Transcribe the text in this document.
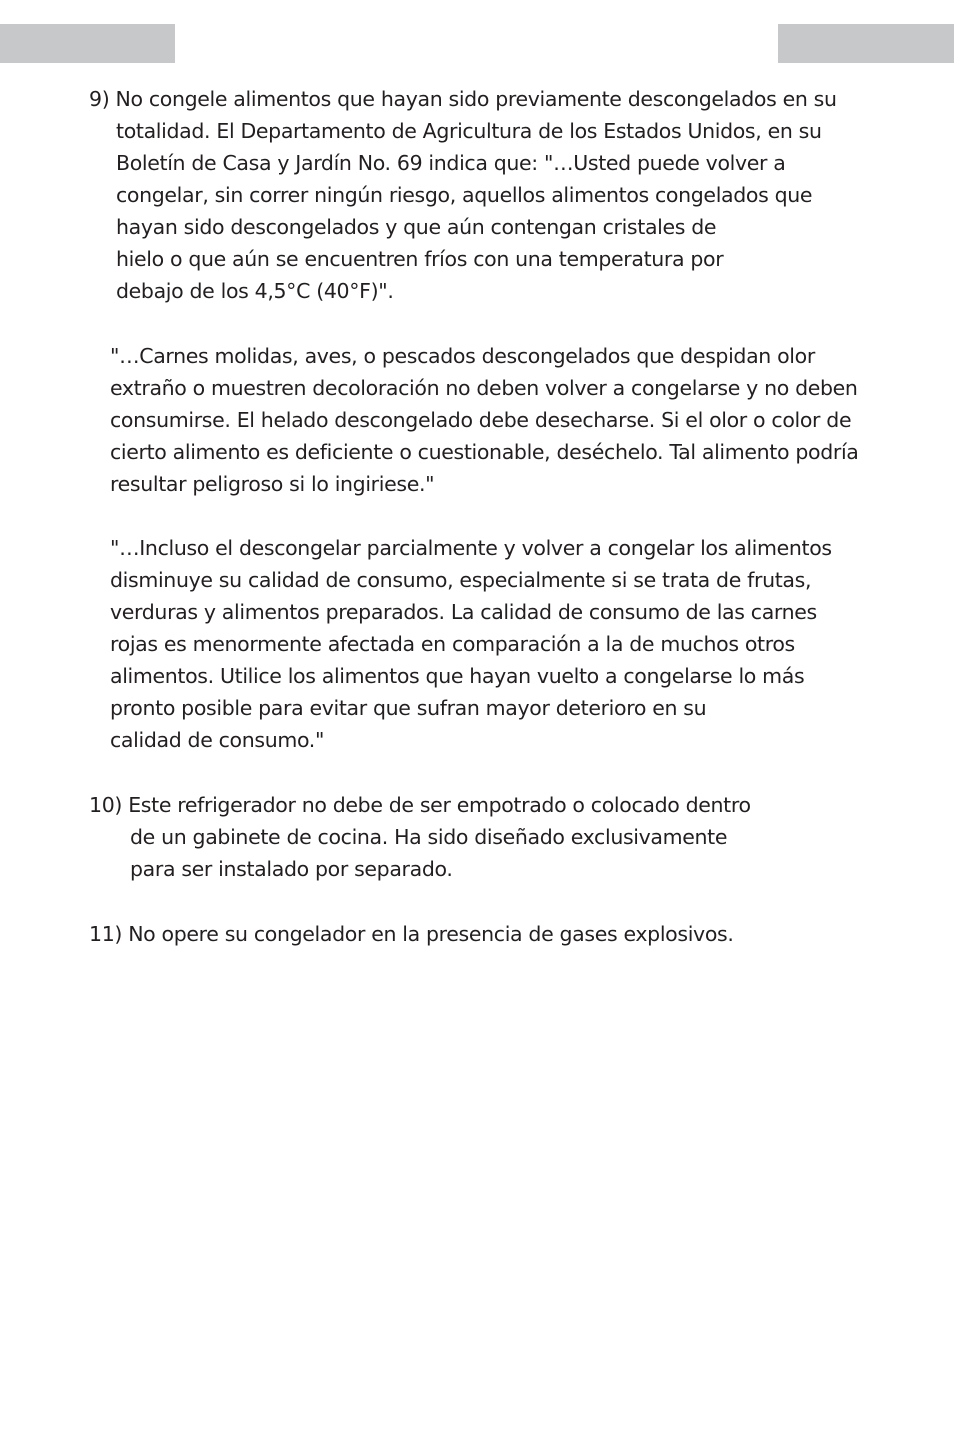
9) No congele alimentos que hayan sido previamente descongelados en su
totalidad. El Departamento de Agricultura de los Estados Unidos, en su
Boletín de Casa y Jardín No. 69 indica que: "…Usted puede volver a
congelar, sin correr ningún riesgo, aquellos alimentos congelados que
hayan sido descongelados y que aún contengan cristales de
hielo o que aún se encuentren fríos con una temperatura por
debajo de los 4,5°C (40°F)".
"…Carnes molidas, aves, o pescados descongelados que despidan olor
extraño o muestren decoloración no deben volver a congelarse y no deben
consumirse. El helado descongelado debe desecharse. Si el olor o color de
cierto alimento es deficiente o cuestionable, deséchelo. Tal alimento podría
resultar peligroso si lo ingiriese."
"…Incluso el descongelar parcialmente y volver a congelar los alimentos
disminuye su calidad de consumo, especialmente si se trata de frutas,
verduras y alimentos preparados. La calidad de consumo de las carnes
rojas es menormente afectada en comparación a la de muchos otros
alimentos. Utilice los alimentos que hayan vuelto a congelarse lo más
pronto posible para evitar que sufran mayor deterioro en su
calidad de consumo."
10) Este refrigerador no debe de ser empotrado o colocado dentro
de un gabinete de cocina. Ha sido diseñado exclusivamente
para ser instalado por separado.
11) No opere su congelador en la presencia de gases explosivos.
